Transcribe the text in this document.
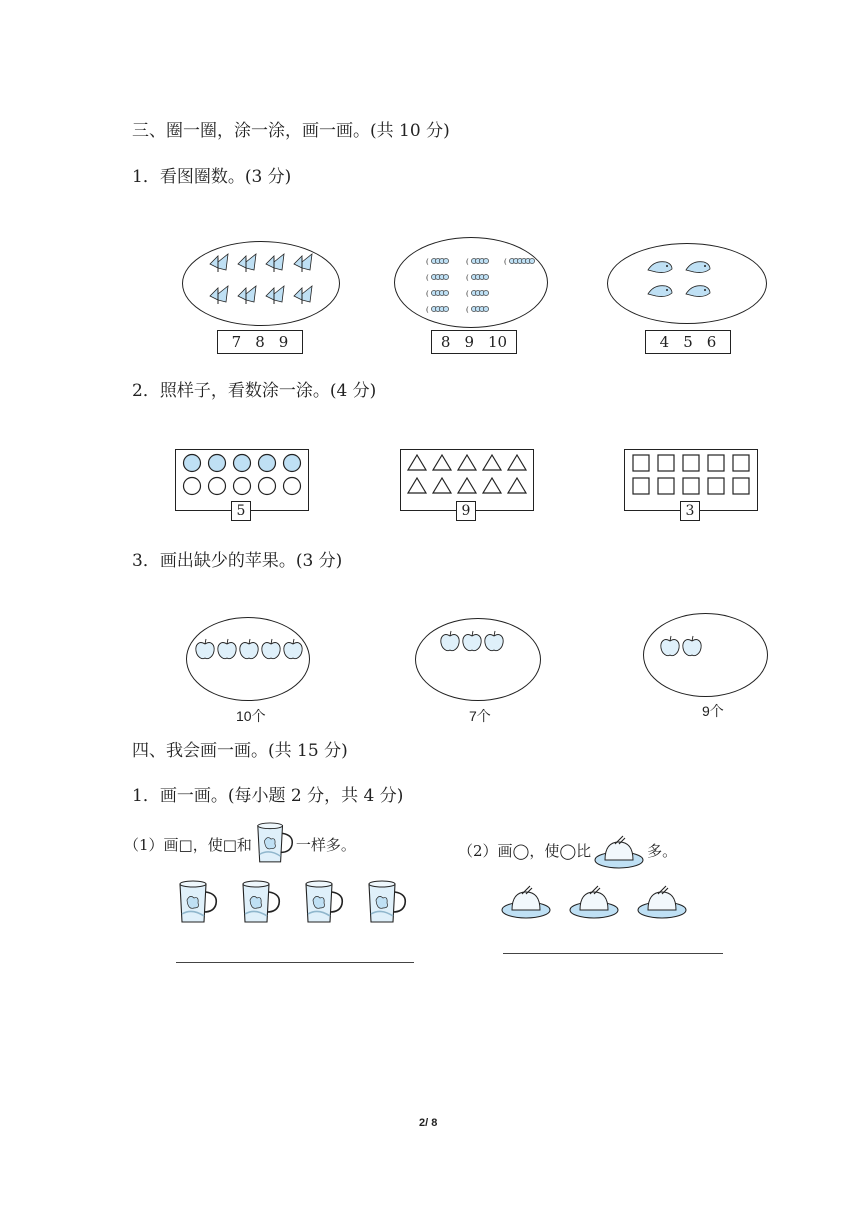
三、圈一圈，涂一涂，画一画。(共 10 分)
1．看图圈数。(3 分)
7 8 9
(	(	(
(	(
(	(
(	(
8 9 10	4 5 6
2．照样子，看数涂一涂。(4 分)
5	9	3
3．画出缺少的苹果。(3 分)
10个	7个	9个
四、我会画一画。(共 15 分)
1．画一画。(每小题 2 分，共 4 分)
（1）画□，使□和	一样多。	（2）画◯，使◯比	多。
2/ 8
